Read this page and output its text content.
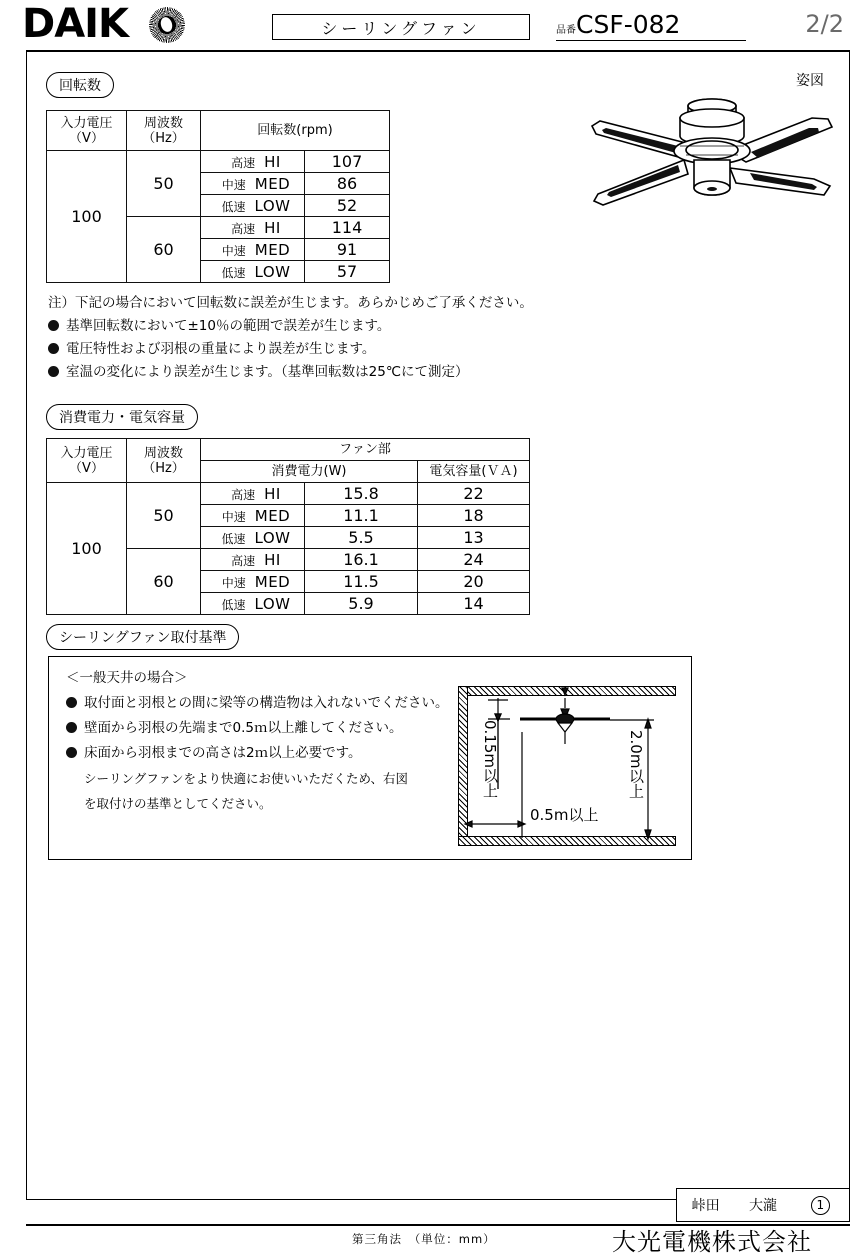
DAIK	シーリングファン	品番 CSF-082	2/2
姿図
回転数
入力電圧
（V）

周波数
（Hz）	回転数(rpm)
100	50	高速 HI	107
		中速 MED	86
		低速 LOW	52
	60	高速 HI	114
		中速 MED	91
		低速 LOW	57
注）下記の場合において回転数に誤差が生じます。あらかじめご了承ください。
基準回転数において±10％の範囲で誤差が生じます。
電圧特性および羽根の重量により誤差が生じます。
室温の変化により誤差が生じます。（基準回転数は25℃にて測定）
消費電力・電気容量
入力電圧
（V）

周波数
（Hz）
	ファン部
		消費電力(W)		電気容量(ＶＡ)
100	50	高速 HI	15.8	22
		中速 MED	11.1	18
		低速 LOW	5.5	13
	60	高速 HI	16.1	24
		中速 MED	11.5	20
		低速 LOW	5.9	14
シーリングファン取付基準
＜一般天井の場合＞
取付面と羽根との間に梁等の構造物は入れないでください。
壁面から羽根の先端まで0.5ｍ以上離してください。
床面から羽根までの高さは2ｍ以上必要です。
シーリングファンをより快適にお使いいただくため、右図
を取付けの基準としてください。
0.15m以上
0.5m以上
2.0m以上
峠田	大瀧	1
第三角法　（単位：mm）	大光電機株式会社
